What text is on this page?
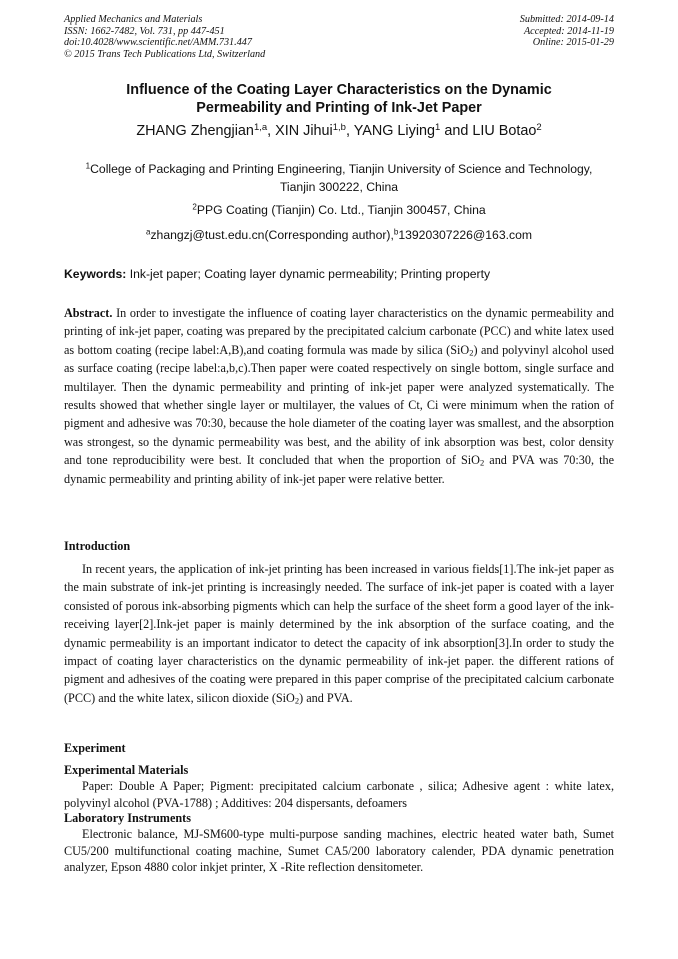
Applied Mechanics and Materials
ISSN: 1662-7482, Vol. 731, pp 447-451
doi:10.4028/www.scientific.net/AMM.731.447
© 2015 Trans Tech Publications Ltd, Switzerland
Submitted: 2014-09-14
Accepted: 2014-11-19
Online: 2015-01-29
Influence of the Coating Layer Characteristics on the Dynamic
Permeability and Printing of Ink-Jet Paper
ZHANG Zhengjian$^{1,a}$, XIN Jihui$^{1,b}$, YANG Liying$^1$ and LIU Botao$^2$
$^1$College of Packaging and Printing Engineering, Tianjin University of Science and Technology,
Tianjin 300222, China
$^2$PPG Coating (Tianjin) Co. Ltd., Tianjin 300457, China
$^a$zhangzj@tust.edu.cn(Corresponding author),$^b$13920307226@163.com
Keywords: Ink-jet paper; Coating layer dynamic permeability; Printing property
Abstract. In order to investigate the influence of coating layer characteristics on the dynamic permeability and printing of ink-jet paper, coating was prepared by the precipitated calcium carbonate (PCC) and white latex used as bottom coating (recipe label:A,B),and coating formula was made by silica (SiO$_2$) and polyvinyl alcohol used as surface coating (recipe label:a,b,c).Then paper were coated respectively on single bottom, single surface and multilayer. Then the dynamic permeability and printing of ink-jet paper were analyzed systematically. The results showed that whether single layer or multilayer, the values of Ct, Ci were minimum when the ration of pigment and adhesive was 70:30, because the hole diameter of the coating layer was smallest, and the absorption was strongest, so the dynamic permeability was best, and the ability of ink absorption was best, color density and tone reproducibility were best. It concluded that when the proportion of SiO$_2$ and PVA was 70:30, the dynamic permeability and printing ability of ink-jet paper were relative better.
Introduction
In recent years, the application of ink-jet printing has been increased in various fields[1].The ink-jet paper as the main substrate of ink-jet printing is increasingly needed. The surface of ink-jet paper is coated with a layer consisted of porous ink-absorbing pigments which can help the surface of the sheet form a good layer of the ink-receiving layer[2].Ink-jet paper is mainly determined by the ink absorption of the surface coating, and the dynamic permeability is an important indicator to detect the capacity of ink absorption[3].In order to study the impact of coating layer characteristics on the dynamic permeability of ink-jet paper. the different rations of pigment and adhesives of the coating were prepared in this paper comprise of the precipitated calcium carbonate (PCC) and the white latex, silicon dioxide (SiO$_2$) and PVA.
Experiment
Experimental Materials
Paper: Double A Paper; Pigment: precipitated calcium carbonate , silica; Adhesive agent : white latex, polyvinyl alcohol (PVA-1788) ; Additives: 204 dispersants, defoamers
Laboratory Instruments
Electronic balance, MJ-SM600-type multi-purpose sanding machines, electric heated water bath, Sumet CU5/200 multifunctional coating machine, Sumet CA5/200 laboratory calender, PDA dynamic penetration analyzer, Epson 4880 color inkjet printer, X -Rite reflection densitometer.
